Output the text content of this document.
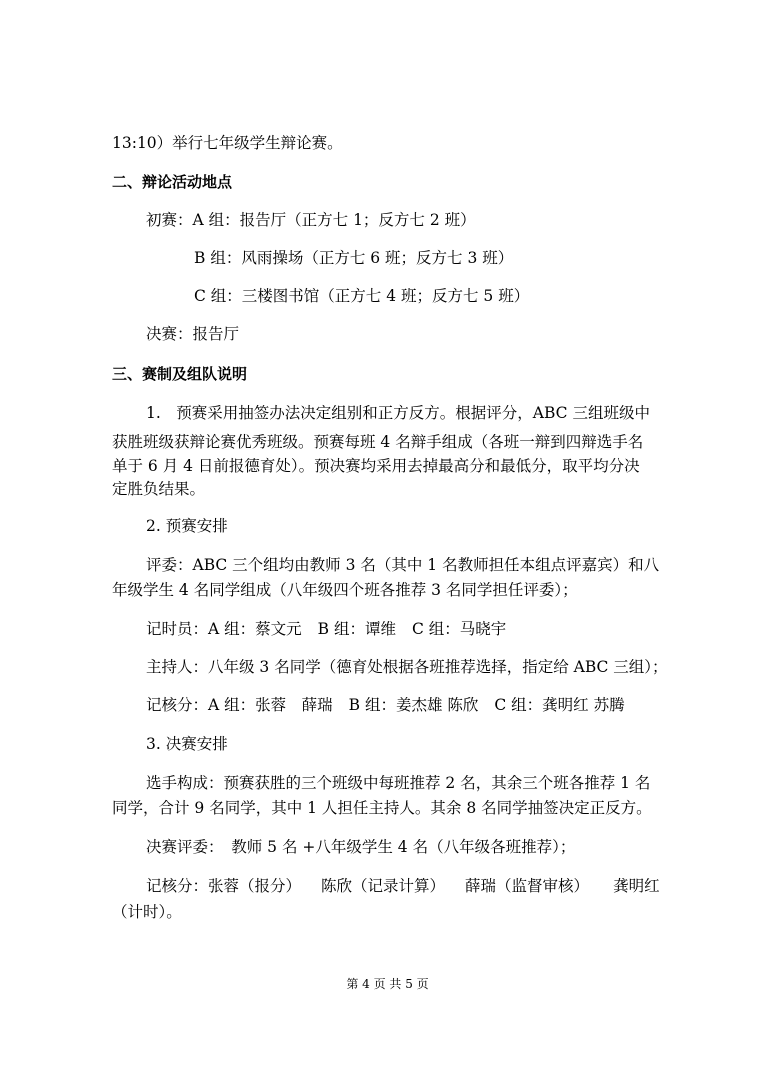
13:10）举行七年级学生辩论赛。
二、辩论活动地点
初赛：A 组：报告厅（正方七 1；反方七 2 班）
B 组：风雨操场（正方七 6 班；反方七 3 班）
C 组：三楼图书馆（正方七 4 班；反方七 5 班）
决赛：报告厅
三、赛制及组队说明
1.　预赛采用抽签办法决定组别和正方反方。根据评分，ABC 三组班级中
获胜班级获辩论赛优秀班级。预赛每班 4 名辩手组成（各班一辩到四辩选手名
单于 6 月 4 日前报德育处）。预决赛均采用去掉最高分和最低分，取平均分决
定胜负结果。
2. 预赛安排
评委：ABC 三个组均由教师 3 名（其中 1 名教师担任本组点评嘉宾）和八
年级学生 4 名同学组成（八年级四个班各推荐 3 名同学担任评委）；
记时员：A 组：蔡文元 B 组：谭维 C 组：马晓宇
主持人：八年级 3 名同学（德育处根据各班推荐选择，指定给 ABC 三组）；
记核分：A 组：张蓉　薛瑞 B 组：姜杰雄 陈欣 C 组：龚明红 苏腾
3. 决赛安排
选手构成：预赛获胜的三个班级中每班推荐 2 名，其余三个班各推荐 1 名
同学，合计 9 名同学，其中 1 人担任主持人。其余 8 名同学抽签决定正反方。
决赛评委：　教师 5 名 +八年级学生 4 名（八年级各班推荐）；
记核分：张蓉（报分） 陈欣（记录计算） 薛瑞（监督审核） 龚明红
（计时）。
第 4 页 共 5 页
